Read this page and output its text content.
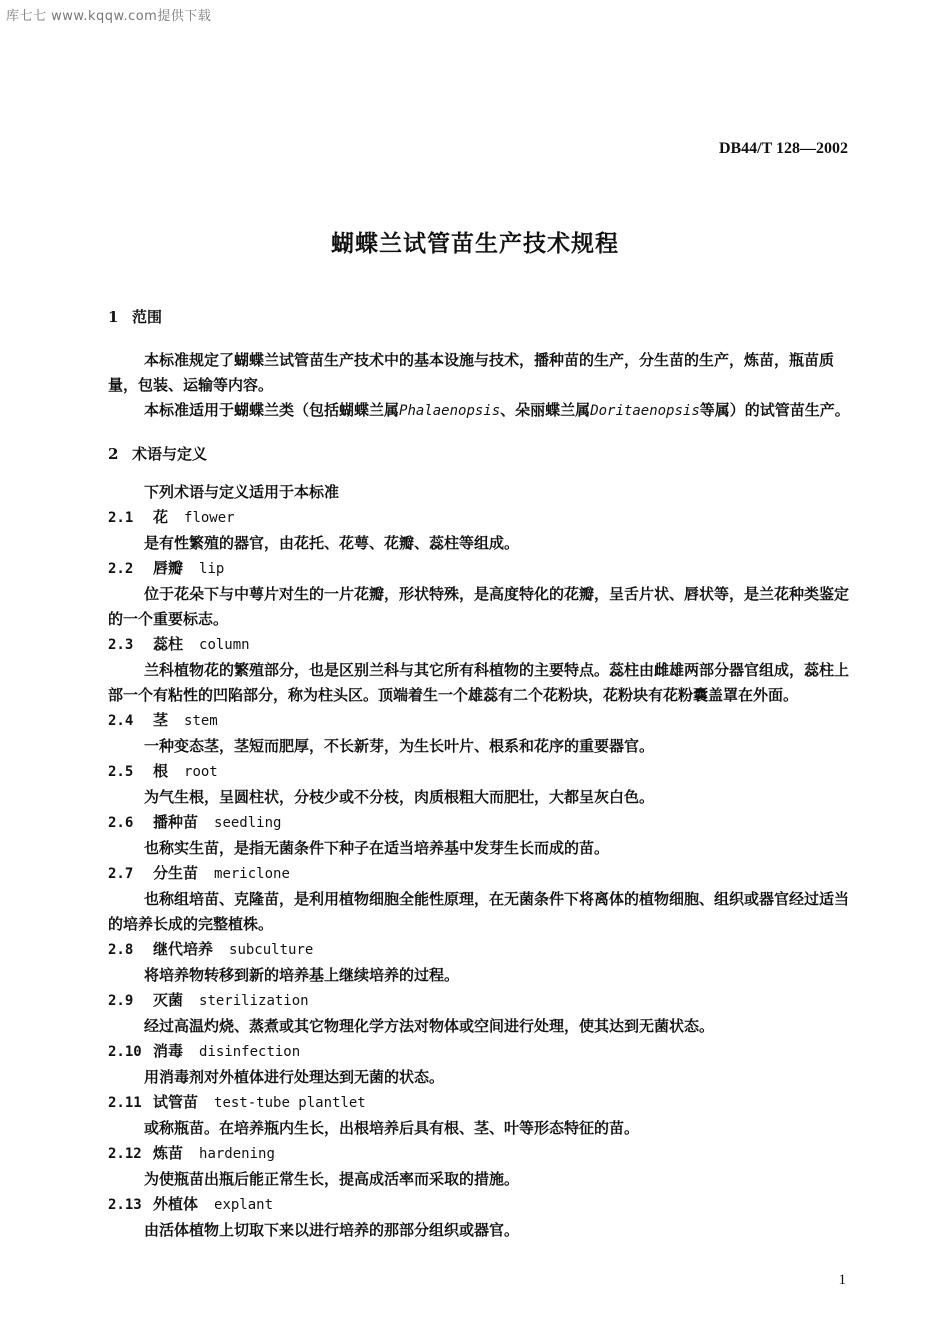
库七七 www.kqqw.com提供下载
DB44/T 128—2002
蝴蝶兰试管苗生产技术规程
1 范围

本标准规定了蝴蝶兰试管苗生产技术中的基本设施与技术，播种苗的生产，分生苗的生产，炼苗，瓶苗质量，包装、运输等内容。

本标准适用于蝴蝶兰类（包括蝴蝶兰属Phalaenopsis、朵丽蝶兰属Doritaenopsis等属）的试管苗生产。

2 术语与定义

下列术语与定义适用于本标准

2.1 花 flower

是有性繁殖的器官，由花托、花萼、花瓣、蕊柱等组成。

2.2 唇瓣 lip

位于花朵下与中萼片对生的一片花瓣，形状特殊，是高度特化的花瓣，呈舌片状、唇状等，是兰花种类鉴定的一个重要标志。

2.3 蕊柱 column

兰科植物花的繁殖部分，也是区别兰科与其它所有科植物的主要特点。蕊柱由雌雄两部分器官组成，蕊柱上部一个有粘性的凹陷部分，称为柱头区。顶端着生一个雄蕊有二个花粉块，花粉块有花粉囊盖罩在外面。

2.4 茎 stem

一种变态茎，茎短而肥厚，不长新芽，为生长叶片、根系和花序的重要器官。

2.5 根 root

为气生根，呈圆柱状，分枝少或不分枝，肉质根粗大而肥壮，大都呈灰白色。

2.6 播种苗 seedling

也称实生苗，是指无菌条件下种子在适当培养基中发芽生长而成的苗。

2.7 分生苗 mericlone

也称组培苗、克隆苗，是利用植物细胞全能性原理，在无菌条件下将离体的植物细胞、组织或器官经过适当的培养长成的完整植株。

2.8 继代培养 subculture

将培养物转移到新的培养基上继续培养的过程。

2.9 灭菌 sterilization

经过高温灼烧、蒸煮或其它物理化学方法对物体或空间进行处理，使其达到无菌状态。

2.10 消毒 disinfection

用消毒剂对外植体进行处理达到无菌的状态。

2.11 试管苗 test-tube plantlet

或称瓶苗。在培养瓶内生长，出根培养后具有根、茎、叶等形态特征的苗。

2.12 炼苗 hardening

为使瓶苗出瓶后能正常生长，提高成活率而采取的措施。

2.13 外植体 explant

由活体植物上切取下来以进行培养的那部分组织或器官。

1
